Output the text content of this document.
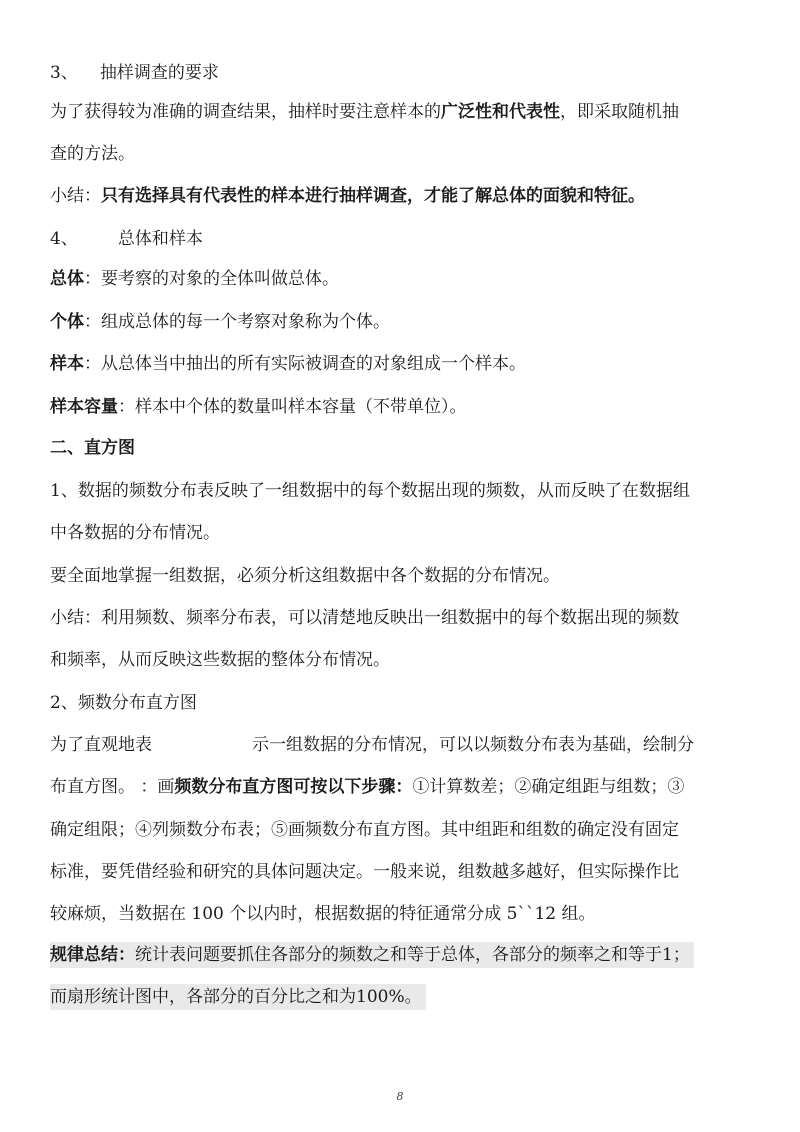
3、 抽样调查的要求
为了获得较为准确的调查结果，抽样时要注意样本的广泛性和代表性，即采取随机抽
查的方法。
小结：只有选择具有代表性的样本进行抽样调查，才能了解总体的面貌和特征。
4、 总体和样本
总体：要考察的对象的全体叫做总体。
个体：组成总体的每一个考察对象称为个体。
样本：从总体当中抽出的所有实际被调查的对象组成一个样本。
样本容量：样本中个体的数量叫样本容量（不带单位）。
二、直方图
1、数据的频数分布表反映了一组数据中的每个数据出现的频数，从而反映了在数据组
中各数据的分布情况。
要全面地掌握一组数据，必须分析这组数据中各个数据的分布情况。
小结：利用频数、频率分布表，可以清楚地反映出一组数据中的每个数据出现的频数
和频率，从而反映这些数据的整体分布情况。
2、频数分布直方图
为了直观地表	示一组数据的分布情况，可以以频数分布表为基础，绘制分
布直方图。 ：画频数分布直方图可按以下步骤：①计算数差；②确定组距与组数；③
确定组限；④列频数分布表；⑤画频数分布直方图。其中组距和组数的确定没有固定
标准，要凭借经验和研究的具体问题决定。一般来说，组数越多越好，但实际操作比
较麻烦，当数据在 100 个以内时，根据数据的特征通常分成 5``12 组。
规律总结：统计表问题要抓住各部分的频数之和等于总体，各部分的频率之和等于1；
而扇形统计图中，各部分的百分比之和为100%。
8
